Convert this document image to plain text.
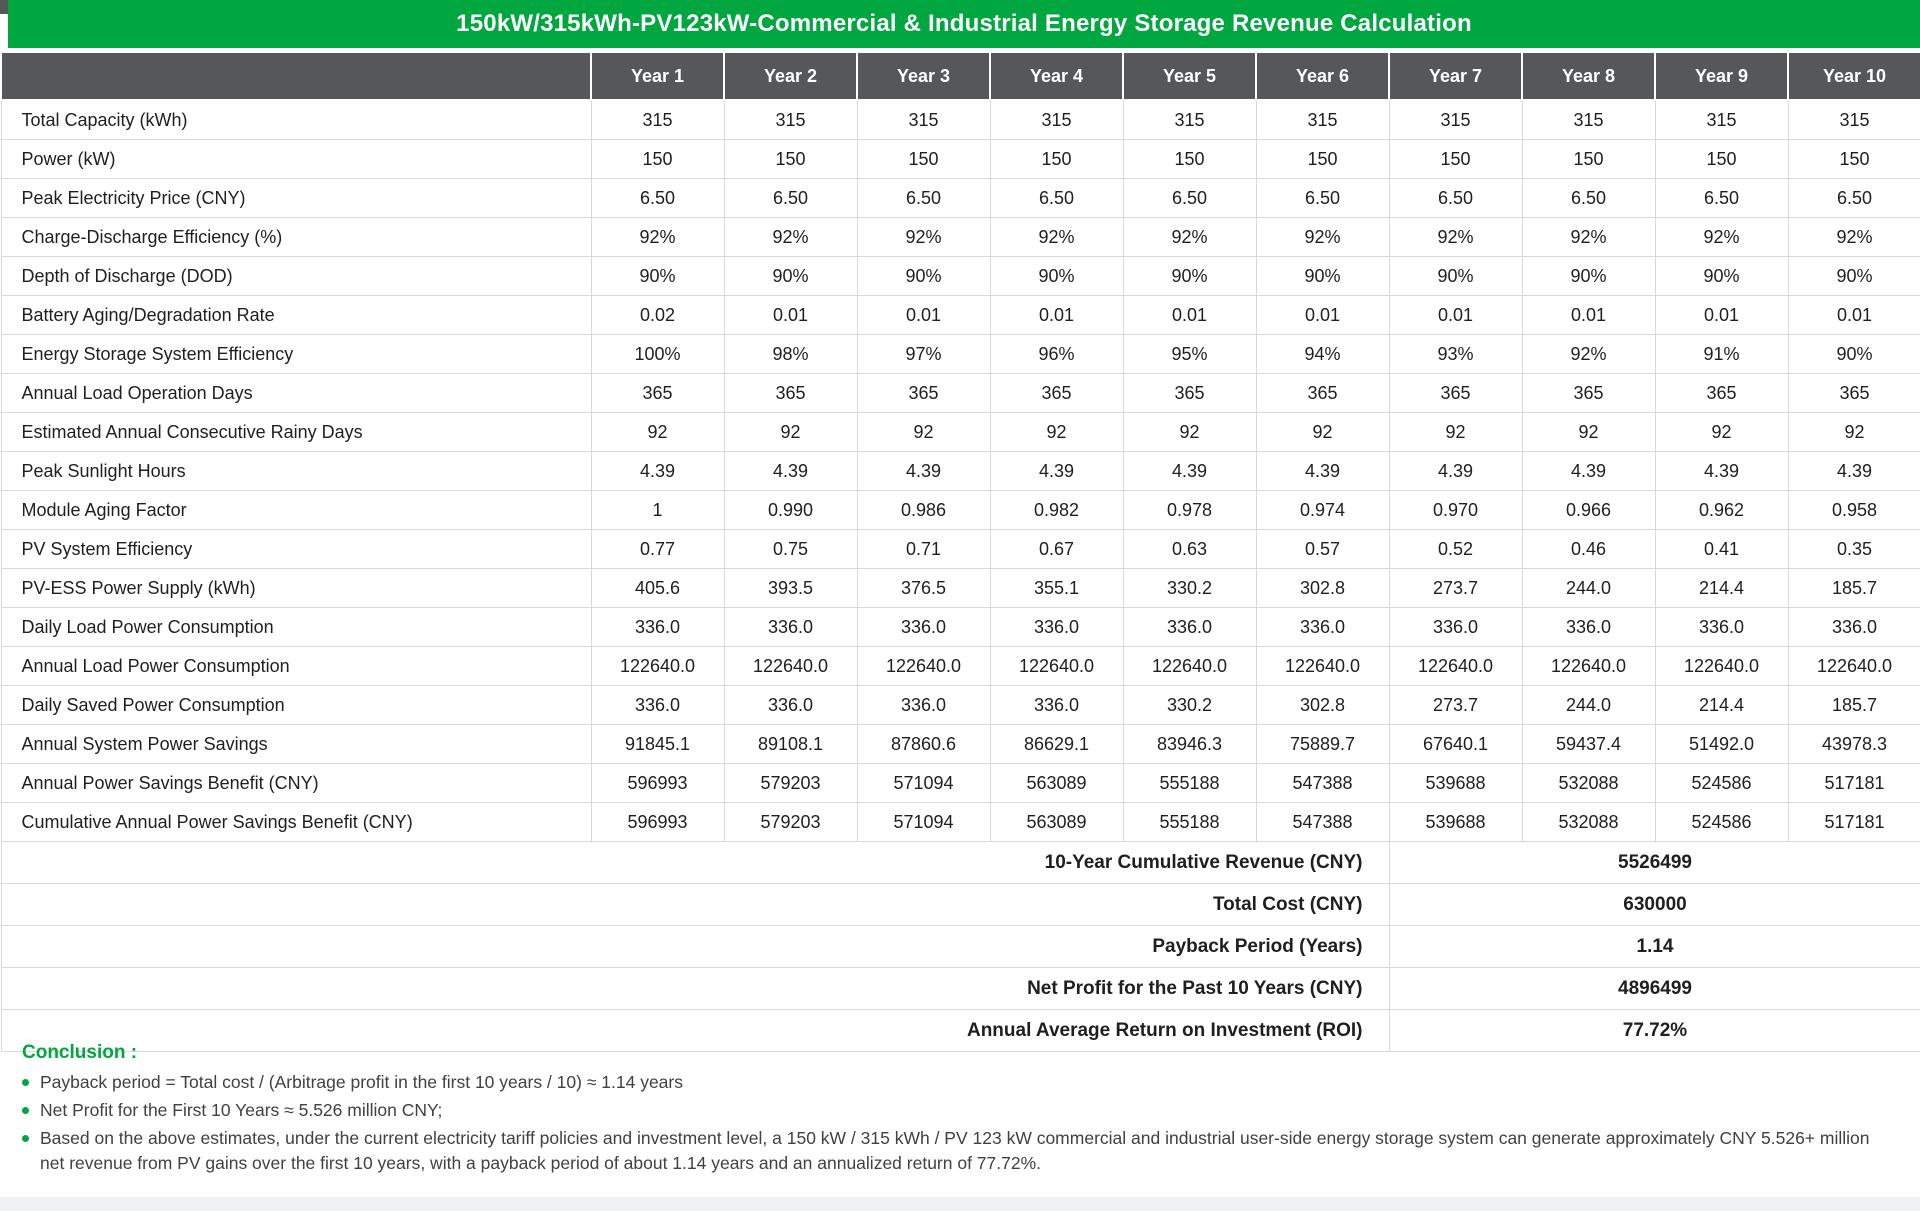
150kW/315kWh-PV123kW-Commercial & Industrial Energy Storage Revenue Calculation
	Year 1	Year 2	Year 3	Year 4	Year 5	Year 6	Year 7	Year 8	Year 9	Year 10
Total Capacity (kWh)	315	315	315	315	315	315	315	315	315	315
Power (kW)	150	150	150	150	150	150	150	150	150	150
Peak Electricity Price (CNY)	6.50	6.50	6.50	6.50	6.50	6.50	6.50	6.50	6.50	6.50
Charge-Discharge Efficiency (%)	92%	92%	92%	92%	92%	92%	92%	92%	92%	92%
Depth of Discharge (DOD)	90%	90%	90%	90%	90%	90%	90%	90%	90%	90%
Battery Aging/Degradation Rate	0.02	0.01	0.01	0.01	0.01	0.01	0.01	0.01	0.01	0.01
Energy Storage System Efficiency	100%	98%	97%	96%	95%	94%	93%	92%	91%	90%
Annual Load Operation Days	365	365	365	365	365	365	365	365	365	365
Estimated Annual Consecutive Rainy Days	92	92	92	92	92	92	92	92	92	92
Peak Sunlight Hours	4.39	4.39	4.39	4.39	4.39	4.39	4.39	4.39	4.39	4.39
Module Aging Factor	1	0.990	0.986	0.982	0.978	0.974	0.970	0.966	0.962	0.958
PV System Efficiency	0.77	0.75	0.71	0.67	0.63	0.57	0.52	0.46	0.41	0.35
PV-ESS Power Supply (kWh)	405.6	393.5	376.5	355.1	330.2	302.8	273.7	244.0	214.4	185.7
Daily Load Power Consumption	336.0	336.0	336.0	336.0	336.0	336.0	336.0	336.0	336.0	336.0
Annual Load Power Consumption	122640.0	122640.0	122640.0	122640.0	122640.0	122640.0	122640.0	122640.0	122640.0	122640.0
Daily Saved Power Consumption	336.0	336.0	336.0	336.0	330.2	302.8	273.7	244.0	214.4	185.7
Annual System Power Savings	91845.1	89108.1	87860.6	86629.1	83946.3	75889.7	67640.1	59437.4	51492.0	43978.3
Annual Power Savings Benefit (CNY)	596993	579203	571094	563089	555188	547388	539688	532088	524586	517181
Cumulative Annual Power Savings Benefit (CNY)	596993	579203	571094	563089	555188	547388	539688	532088	524586	517181
10-Year Cumulative Revenue (CNY)							5526499			
Total Cost (CNY)							630000			
Payback Period (Years)							1.14			
Net Profit for the Past 10 Years (CNY)							4896499			
Annual Average Return on Investment (ROI)							77.72%			
Conclusion :
Payback period = Total cost / (Arbitrage profit in the first 10 years / 10) ≈ 1.14 years
Net Profit for the First 10 Years ≈ 5.526 million CNY;
Based on the above estimates, under the current electricity tariff policies and investment level, a 150 kW / 315 kWh / PV 123 kW commercial and industrial user-side energy storage system can generate approximately CNY 5.526+ million net revenue from PV gains over the first 10 years, with a payback period of about 1.14 years and an annualized return of 77.72%.
